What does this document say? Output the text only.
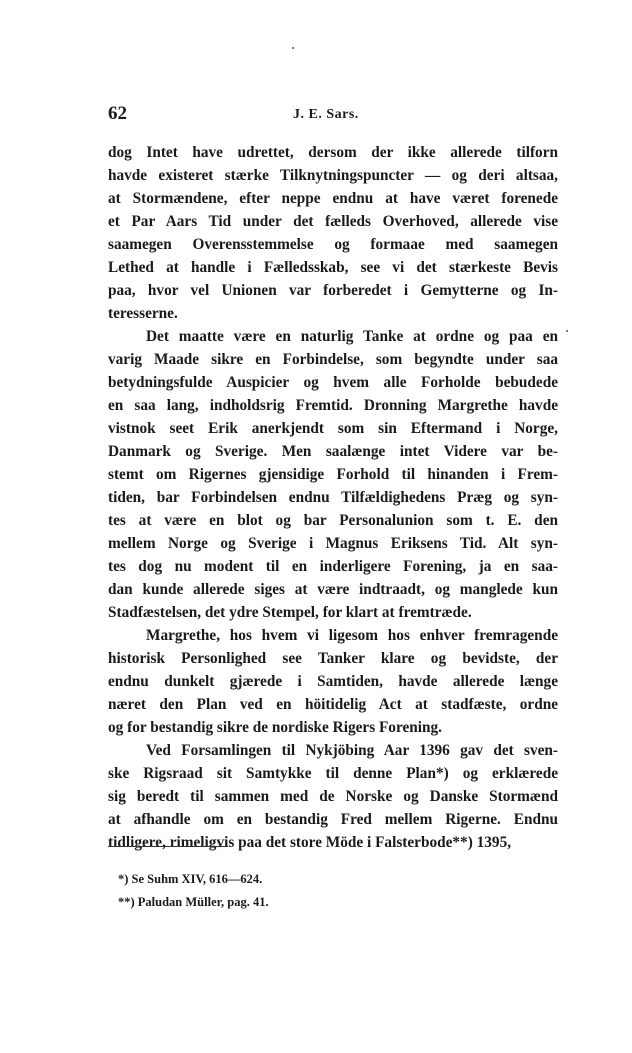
62	J. E. Sars.
dog Intet have udrettet, dersom der ikke allerede tilforn
havde existeret stærke Tilknytningspuncter — og deri altsaa,
at Stormændene, efter neppe endnu at have været forenede
et Par Aars Tid under det fælleds Overhoved, allerede vise
saamegen Overensstemmelse og formaae med saamegen
Lethed at handle i Fælledsskab, see vi det stærkeste Bevis
paa, hvor vel Unionen var forberedet i Gemytterne og In-
teresserne.
Det maatte være en naturlig Tanke at ordne og paa en
varig Maade sikre en Forbindelse, som begyndte under saa
betydningsfulde Auspicier og hvem alle Forholde bebudede
en saa lang, indholdsrig Fremtid. Dronning Margrethe havde
vistnok seet Erik anerkjendt som sin Eftermand i Norge,
Danmark og Sverige. Men saalænge intet Videre var be-
stemt om Rigernes gjensidige Forhold til hinanden i Frem-
tiden, bar Forbindelsen endnu Tilfældighedens Præg og syn-
tes at være en blot og bar Personalunion som t. E. den
mellem Norge og Sverige i Magnus Eriksens Tid. Alt syn-
tes dog nu modent til en inderligere Forening, ja en saa-
dan kunde allerede siges at være indtraadt, og manglede kun
Stadfæstelsen, det ydre Stempel, for klart at fremtræde.
Margrethe, hos hvem vi ligesom hos enhver fremragende
historisk Personlighed see Tanker klare og bevidste, der
endnu dunkelt gjærede i Samtiden, havde allerede længe
næret den Plan ved en höitidelig Act at stadfæste, ordne
og for bestandig sikre de nordiske Rigers Forening.
Ved Forsamlingen til Nykjöbing Aar 1396 gav det sven-
ske Rigsraad sit Samtykke til denne Plan*) og erklærede
sig beredt til sammen med de Norske og Danske Stormænd
at afhandle om en bestandig Fred mellem Rigerne. Endnu
tidligere, rimeligvis paa det store Möde i Falsterbode**) 1395,
*) Se Suhm XIV, 616—624.
**) Paludan Müller, pag. 41.
